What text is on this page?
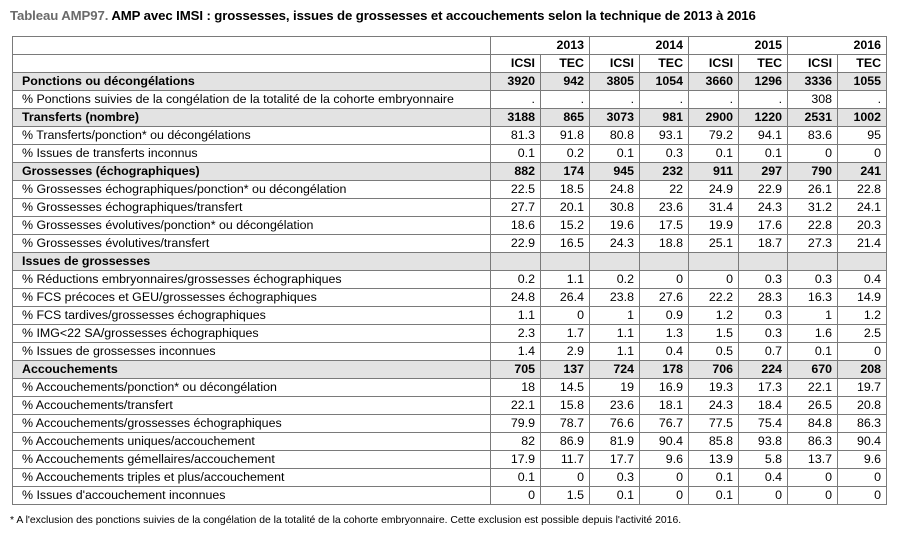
Tableau AMP97. AMP avec IMSI : grossesses, issues de grossesses et accouchements selon la technique de 2013 à 2016
	2013		2014		2015		2016	
	ICSI	TEC	ICSI	TEC	ICSI	TEC	ICSI	TEC
Ponctions ou décongélations	3920	942	3805	1054	3660	1296	3336	1055
% Ponctions suivies de la congélation de la totalité de la cohorte embryonnaire	.	.	.	.	.	.	308	.
Transferts (nombre)	3188	865	3073	981	2900	1220	2531	1002
% Transferts/ponction* ou décongélations	81.3	91.8	80.8	93.1	79.2	94.1	83.6	95
% Issues de transferts inconnus	0.1	0.2	0.1	0.3	0.1	0.1	0	0
Grossesses (échographiques)	882	174	945	232	911	297	790	241
% Grossesses échographiques/ponction* ou décongélation	22.5	18.5	24.8	22	24.9	22.9	26.1	22.8
% Grossesses échographiques/transfert	27.7	20.1	30.8	23.6	31.4	24.3	31.2	24.1
% Grossesses évolutives/ponction* ou décongélation	18.6	15.2	19.6	17.5	19.9	17.6	22.8	20.3
% Grossesses évolutives/transfert	22.9	16.5	24.3	18.8	25.1	18.7	27.3	21.4
Issues de grossesses								
% Réductions embryonnaires/grossesses échographiques	0.2	1.1	0.2	0	0	0.3	0.3	0.4
% FCS précoces et GEU/grossesses échographiques	24.8	26.4	23.8	27.6	22.2	28.3	16.3	14.9
% FCS tardives/grossesses échographiques	1.1	0	1	0.9	1.2	0.3	1	1.2
% IMG<22 SA/grossesses échographiques	2.3	1.7	1.1	1.3	1.5	0.3	1.6	2.5
% Issues de grossesses inconnues	1.4	2.9	1.1	0.4	0.5	0.7	0.1	0
Accouchements	705	137	724	178	706	224	670	208
% Accouchements/ponction* ou décongélation	18	14.5	19	16.9	19.3	17.3	22.1	19.7
% Accouchements/transfert	22.1	15.8	23.6	18.1	24.3	18.4	26.5	20.8
% Accouchements/grossesses échographiques	79.9	78.7	76.6	76.7	77.5	75.4	84.8	86.3
% Accouchements uniques/accouchement	82	86.9	81.9	90.4	85.8	93.8	86.3	90.4
% Accouchements gémellaires/accouchement	17.9	11.7	17.7	9.6	13.9	5.8	13.7	9.6
% Accouchements triples et plus/accouchement	0.1	0	0.3	0	0.1	0.4	0	0
% Issues d'accouchement inconnues	0	1.5	0.1	0	0.1	0	0	0

* A l'exclusion des ponctions suivies de la congélation de la totalité de la cohorte embryonnaire. Cette exclusion est possible depuis l'activité 2016.
